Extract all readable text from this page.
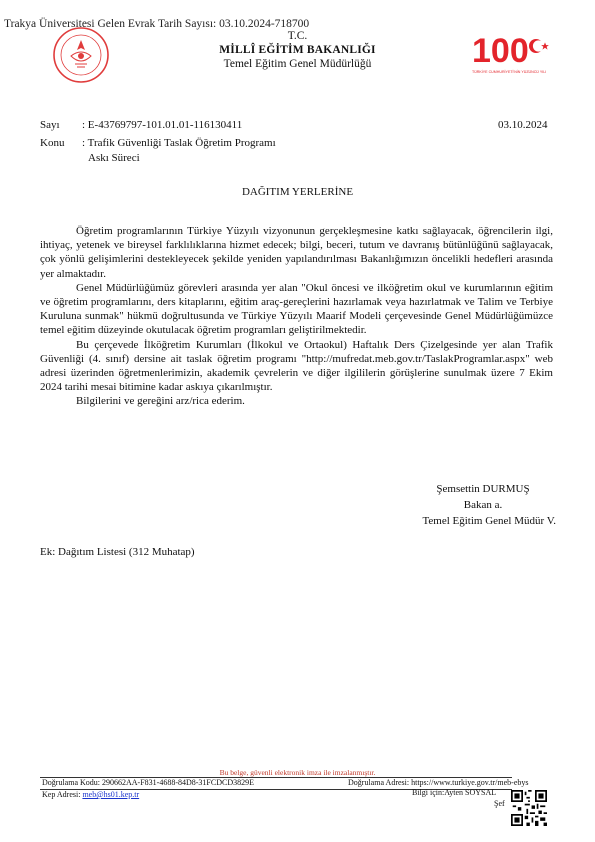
Trakya Üniversitesi Gelen Evrak Tarih Sayısı: 03.10.2024-718700
T.C.
MİLLÎ EĞİTİM BAKANLIĞI
Temel Eğitim Genel Müdürlüğü	100
TÜRKİYE CUMHURİYETİ'NİN YÜZÜNCÜ YILI
Sayı : E-43769797-101.01.01-116130411	03.10.2024
Konu : Trafik Güvenliği Taslak Öğretim Programı
Askı Süreci
DAĞITIM YERLERİNE

Öğretim programlarının Türkiye Yüzyılı vizyonunun gerçekleşmesine katkı sağlayacak, öğrencilerin ilgi, ihtiyaç, yetenek ve bireysel farklılıklarına hizmet edecek; bilgi, beceri, tutum ve davranış bütünlüğünü sağlayacak, çok yönlü gelişimlerini destekleyecek şekilde yeniden yapılandırılması Bakanlığımızın öncelikli hedefleri arasında yer almaktadır.

Genel Müdürlüğümüz görevleri arasında yer alan "Okul öncesi ve ilköğretim okul ve kurumlarının eğitim ve öğretim programlarını, ders kitaplarını, eğitim araç-gereçlerini hazırlamak veya hazırlatmak ve Talim ve Terbiye Kuruluna sunmak" hükmü doğrultusunda ve Türkiye Yüzyılı Maarif Modeli çerçevesinde Genel Müdürlüğümüzce temel eğitim düzeyinde okutulacak öğretim programları geliştirilmektedir.

Bu çerçevede İlköğretim Kurumları (İlkokul ve Ortaokul) Haftalık Ders Çizelgesinde yer alan Trafik Güvenliği (4. sınıf) dersine ait taslak öğretim programı "http://mufredat.meb.gov.tr/TaslakProgramlar.aspx" web adresi üzerinden öğretmenlerimizin, akademik çevrelerin ve diğer ilgililerin görüşlerine sunulmak üzere 7 Ekim 2024 tarihi mesai bitimine kadar askıya çıkarılmıştır.

Bilgilerini ve gereğini arz/rica ederim.

Şemsettin DURMUŞ
Bakan a.
Temel Eğitim Genel Müdür V.
Ek: Dağıtım Listesi (312 Muhatap)
Bu belge, güvenli elektronik imza ile imzalanmıştır.
Doğrulama Kodu: 290662AA-F831-4688-84D8-31FCDCD3829E	Doğrulama Adresi: https://www.turkiye.gov.tr/meb-ebys
Kep Adresi: meb@hs01.kep.tr	Bilgi için:Ayten SOYSAL
Şef
